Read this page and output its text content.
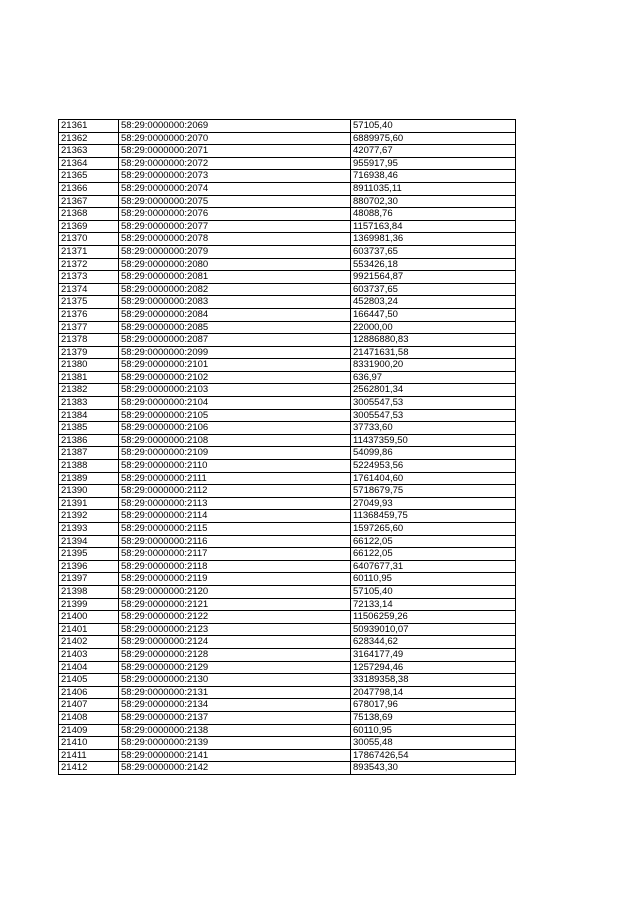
21361	58:29:0000000:2069	57105,40
21362	58:29:0000000:2070	6889975,60
21363	58:29:0000000:2071	42077,67
21364	58:29:0000000:2072	955917,95
21365	58:29:0000000:2073	716938,46
21366	58:29:0000000:2074	8911035,11
21367	58:29:0000000:2075	880702,30
21368	58:29:0000000:2076	48088,76
21369	58:29:0000000:2077	1157163,84
21370	58:29:0000000:2078	1369981,36
21371	58:29:0000000:2079	603737,65
21372	58:29:0000000:2080	553426,18
21373	58:29:0000000:2081	9921564,87
21374	58:29:0000000:2082	603737,65
21375	58:29:0000000:2083	452803,24
21376	58:29:0000000:2084	166447,50
21377	58:29:0000000:2085	22000,00
21378	58:29:0000000:2087	12886880,83
21379	58:29:0000000:2099	21471631,58
21380	58:29:0000000:2101	8331900,20
21381	58:29:0000000:2102	636,97
21382	58:29:0000000:2103	2562801,34
21383	58:29:0000000:2104	3005547,53
21384	58:29:0000000:2105	3005547,53
21385	58:29:0000000:2106	37733,60
21386	58:29:0000000:2108	11437359,50
21387	58:29:0000000:2109	54099,86
21388	58:29:0000000:2110	5224953,56
21389	58:29:0000000:2111	1761404,60
21390	58:29:0000000:2112	5718679,75
21391	58:29:0000000:2113	27049,93
21392	58:29:0000000:2114	11368459,75
21393	58:29:0000000:2115	1597265,60
21394	58:29:0000000:2116	66122,05
21395	58:29:0000000:2117	66122,05
21396	58:29:0000000:2118	6407677,31
21397	58:29:0000000:2119	60110,95
21398	58:29:0000000:2120	57105,40
21399	58:29:0000000:2121	72133,14
21400	58:29:0000000:2122	11506259,26
21401	58:29:0000000:2123	50939010,07
21402	58:29:0000000:2124	628344,62
21403	58:29:0000000:2128	3164177,49
21404	58:29:0000000:2129	1257294,46
21405	58:29:0000000:2130	33189358,38
21406	58:29:0000000:2131	2047798,14
21407	58:29:0000000:2134	678017,96
21408	58:29:0000000:2137	75138,69
21409	58:29:0000000:2138	60110,95
21410	58:29:0000000:2139	30055,48
21411	58:29:0000000:2141	17867426,54
21412	58:29:0000000:2142	893543,30
